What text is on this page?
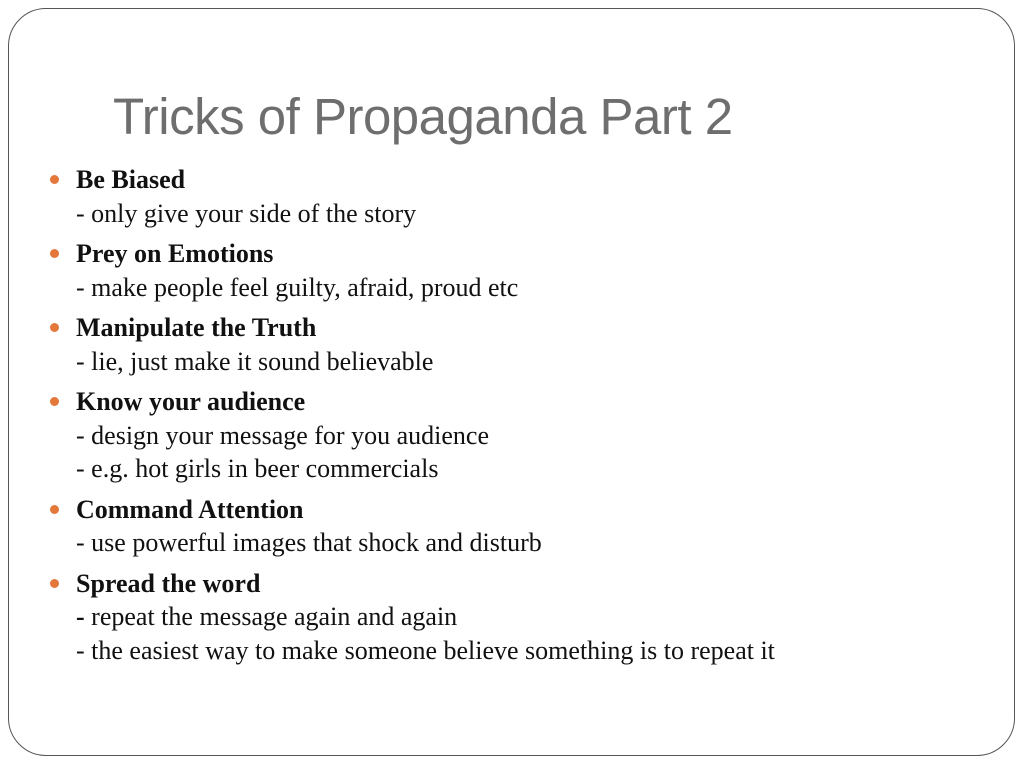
Tricks of Propaganda Part 2
Be Biased
- only give your side of the story
Prey on Emotions
- make people feel guilty, afraid, proud etc
Manipulate the Truth
- lie, just make it sound believable
Know your audience
- design your message for you audience
- e.g. hot girls in beer commercials
Command Attention
- use powerful images that shock and disturb
Spread the word
- repeat the message again and again
- the easiest way to make someone believe something is to repeat it
